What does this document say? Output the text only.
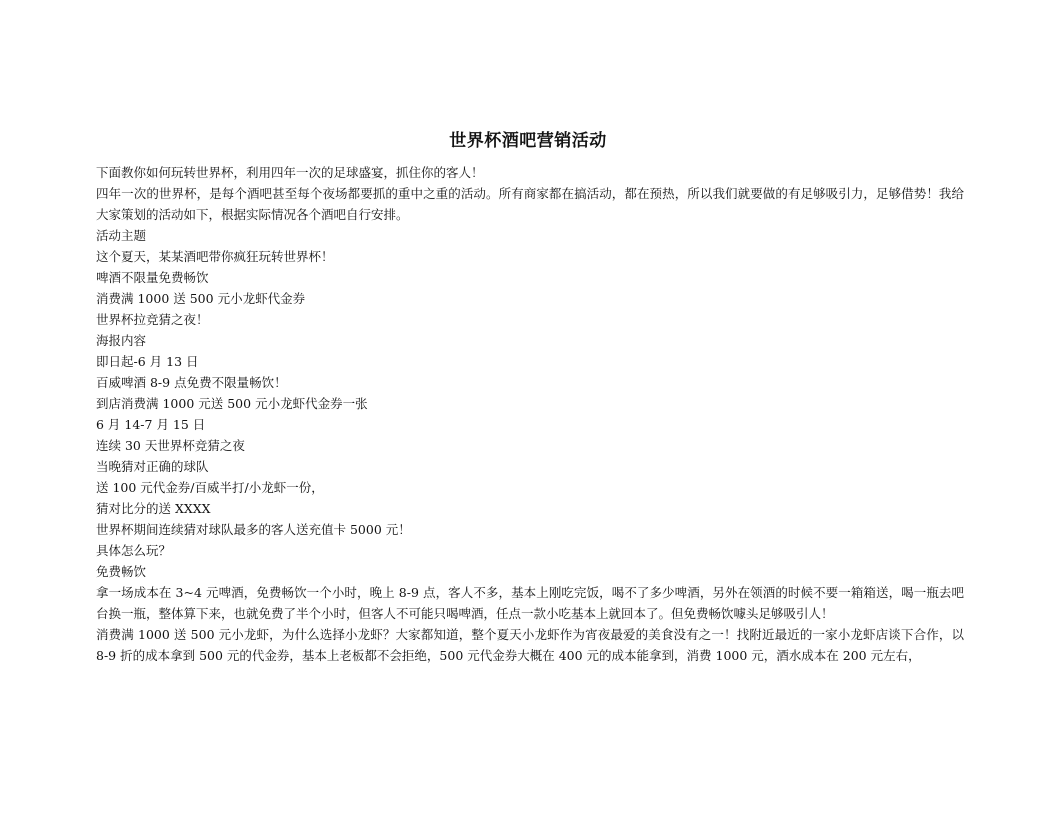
世界杯酒吧营销活动

下面教你如何玩转世界杯，利用四年一次的足球盛宴，抓住你的客人！

四年一次的世界杯，是每个酒吧甚至每个夜场都要抓的重中之重的活动。所有商家都在搞活动，都在预热，所以我们就要做的有足够吸引力，足够借势！我给大家策划的活动如下，根据实际情况各个酒吧自行安排。

活动主题

这个夏天，某某酒吧带你疯狂玩转世界杯！

啤酒不限量免费畅饮

消费满 1000 送 500 元小龙虾代金券

世界杯拉竞猜之夜！

海报内容

即日起-6 月 13 日

百威啤酒 8-9 点免费不限量畅饮！

到店消费满 1000 元送 500 元小龙虾代金券一张

6 月 14-7 月 15 日

连续 30 天世界杯竞猜之夜

当晚猜对正确的球队

送 100 元代金券/百威半打/小龙虾一份，

猜对比分的送 XXXX

世界杯期间连续猜对球队最多的客人送充值卡 5000 元！

具体怎么玩？

免费畅饮

拿一场成本在 3~4 元啤酒，免费畅饮一个小时，晚上 8-9 点，客人不多，基本上刚吃完饭，喝不了多少啤酒，另外在领酒的时候不要一箱箱送，喝一瓶去吧台换一瓶，整体算下来，也就免费了半个小时，但客人不可能只喝啤酒，任点一款小吃基本上就回本了。但免费畅饮噱头足够吸引人！

消费满 1000 送 500 元小龙虾，为什么选择小龙虾？大家都知道，整个夏天小龙虾作为宵夜最爱的美食没有之一！找附近最近的一家小龙虾店谈下合作，以 8-9 折的成本拿到 500 元的代金券，基本上老板都不会拒绝，500 元代金券大概在 400 元的成本能拿到，消费 1000 元，酒水成本在 200 元左右，
